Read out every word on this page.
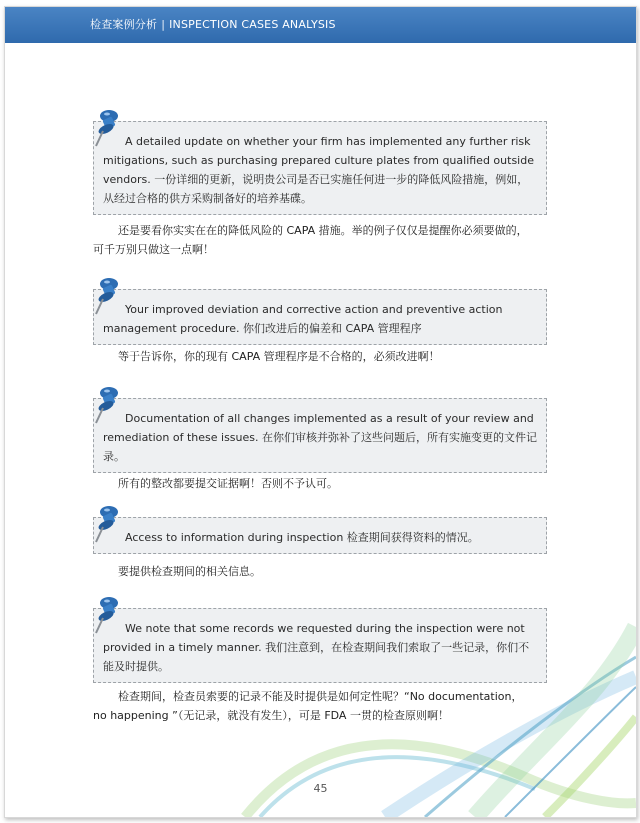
检查案例分析 | INSPECTION CASES ANALYSIS
A detailed update on whether your firm has implemented any further risk
mitigations, such as purchasing prepared culture plates from qualified outside
vendors. 一份详细的更新，说明贵公司是否已实施任何进一步的降低风险措施，例如，
从经过合格的供方采购制备好的培养基碟。
还是要看你实实在在的降低风险的 CAPA 措施。举的例子仅仅是提醒你必须要做的，
可千万别只做这一点啊！
Your improved deviation and corrective action and preventive action
management procedure. 你们改进后的偏差和 CAPA 管理程序
等于告诉你，你的现有 CAPA 管理程序是不合格的，必须改进啊！
Documentation of all changes implemented as a result of your review and
remediation of these issues. 在你们审核并弥补了这些问题后，所有实施变更的文件记
录。
所有的整改都要提交证据啊！否则不予认可。
Access to information during inspection 检查期间获得资料的情况。
要提供检查期间的相关信息。
We note that some records we requested during the inspection were not
provided in a timely manner. 我们注意到，在检查期间我们索取了一些记录，你们不
能及时提供。
检查期间，检查员索要的记录不能及时提供是如何定性呢？“No documentation，
no happening ”（无记录，就没有发生），可是 FDA 一贯的检查原则啊！
45
